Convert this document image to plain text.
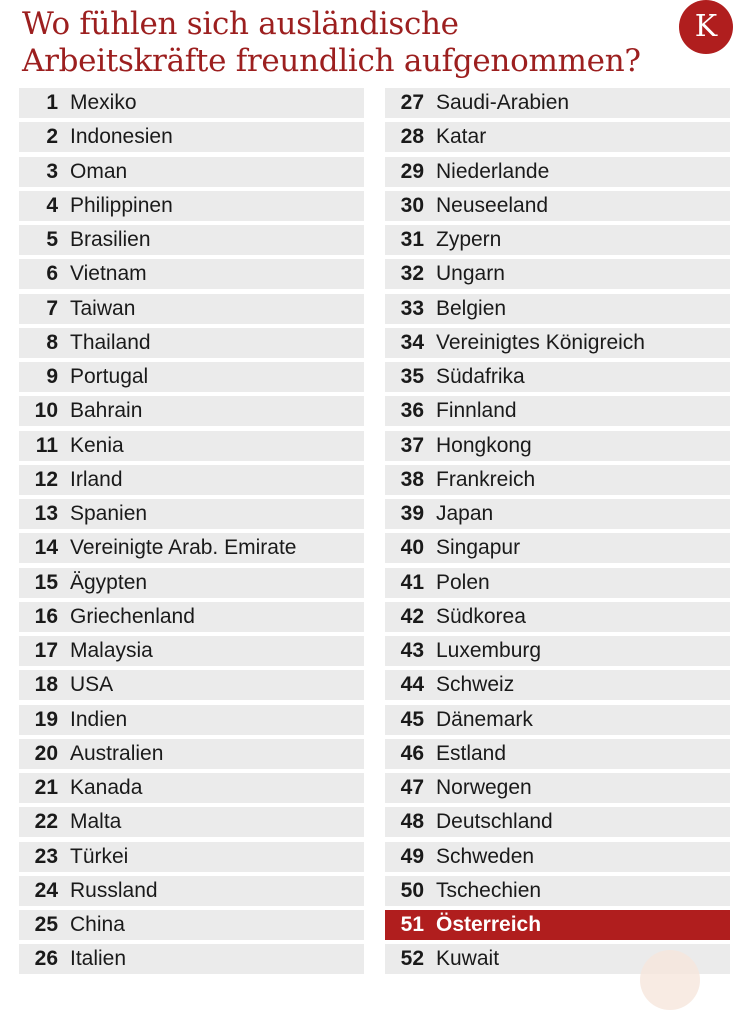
Wo fühlen sich ausländische Arbeitskräfte freundlich aufgenommen?
K
1 Mexiko
2 Indonesien
3 Oman
4 Philippinen
5 Brasilien
6 Vietnam
7 Taiwan
8 Thailand
9 Portugal
10 Bahrain
11 Kenia
12 Irland
13 Spanien
14 Vereinigte Arab. Emirate
15 Ägypten
16 Griechenland
17 Malaysia
18 USA
19 Indien
20 Australien
21 Kanada
22 Malta
23 Türkei
24 Russland
25 China
26 Italien
27 Saudi-Arabien
28 Katar
29 Niederlande
30 Neuseeland
31 Zypern
32 Ungarn
33 Belgien
34 Vereinigtes Königreich
35 Südafrika
36 Finnland
37 Hongkong
38 Frankreich
39 Japan
40 Singapur
41 Polen
42 Südkorea
43 Luxemburg
44 Schweiz
45 Dänemark
46 Estland
47 Norwegen
48 Deutschland
49 Schweden
50 Tschechien
51 Österreich
52 Kuwait
